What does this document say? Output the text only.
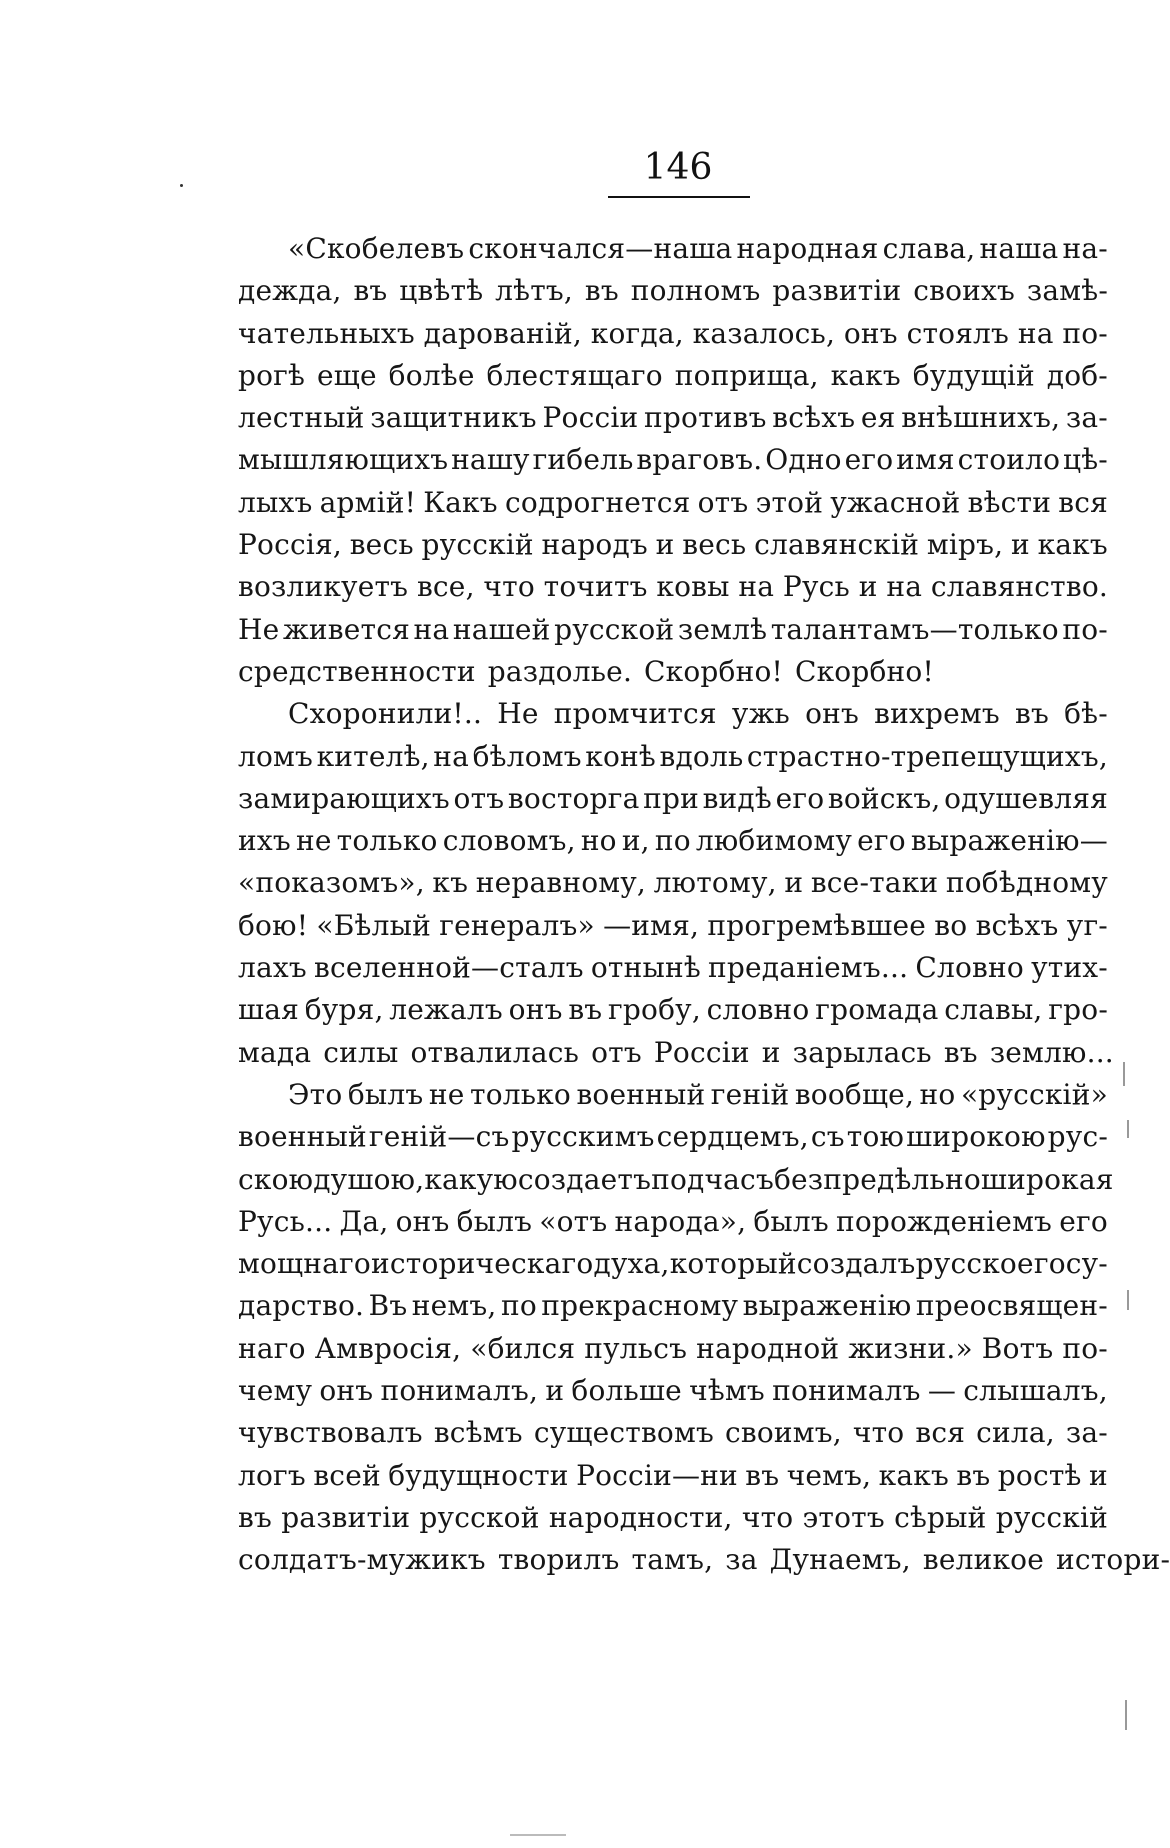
146
«Скобелевъ скончался—наша народная слава, наша на-
дежда, въ цвѣтѣ лѣтъ, въ полномъ развитіи своихъ замѣ-
чательныхъ дарованій, когда, казалось, онъ стоялъ на по-
рогѣ еще болѣе блестящаго поприща, какъ будущій доб-
лестный защитникъ Россіи противъ всѣхъ ея внѣшнихъ, за-
мышляющихъ нашу гибель враговъ. Одно его имя стоило цѣ-
лыхъ армій! Какъ содрогнется отъ этой ужасной вѣсти вся
Россія, весь русскій народъ и весь славянскій міръ, и какъ
возликуетъ все, что точитъ ковы на Русь и на славянство.
Не живется на нашей русской землѣ талантамъ—только по-
средственности раздолье. Скорбно! Скорбно!
Схоронили!.. Не промчится ужь онъ вихремъ въ бѣ-
ломъ кителѣ, на бѣломъ конѣ вдоль страстно-трепещущихъ,
замирающихъ отъ восторга при видѣ его войскъ, одушевляя
ихъ не только словомъ, но и, по любимому его выраженію—
«показомъ», къ неравному, лютому, и все-таки побѣдному
бою! «Бѣлый генералъ» —имя, прогремѣвшее во всѣхъ уг-
лахъ вселенной—сталъ отнынѣ преданіемъ... Словно утих-
шая буря, лежалъ онъ въ гробу, словно громада славы, гро-
мада силы отвалилась отъ Россіи и зарылась въ землю...
Это былъ не только военный геній вообще, но «русскій»
военный геній—съ русскимъ сердцемъ, съ тою широкою рус-
скою душою, какую создаетъ подчасъ безпредѣльно широкая
Русь... Да, онъ былъ «отъ народа», былъ порожденіемъ его
мощнаго историческаго духа, который создалъ русское госу-
дарство. Въ немъ, по прекрасному выраженію преосвящен-
наго Амвросія, «бился пульсъ народной жизни.» Вотъ по-
чему онъ понималъ, и больше чѣмъ понималъ — слышалъ,
чувствовалъ всѣмъ существомъ своимъ, что вся сила, за-
логъ всей будущности Россіи—ни въ чемъ, какъ въ ростѣ и
въ развитіи русской народности, что этотъ сѣрый русскій
солдатъ-мужикъ творилъ тамъ, за Дунаемъ, великое истори-
